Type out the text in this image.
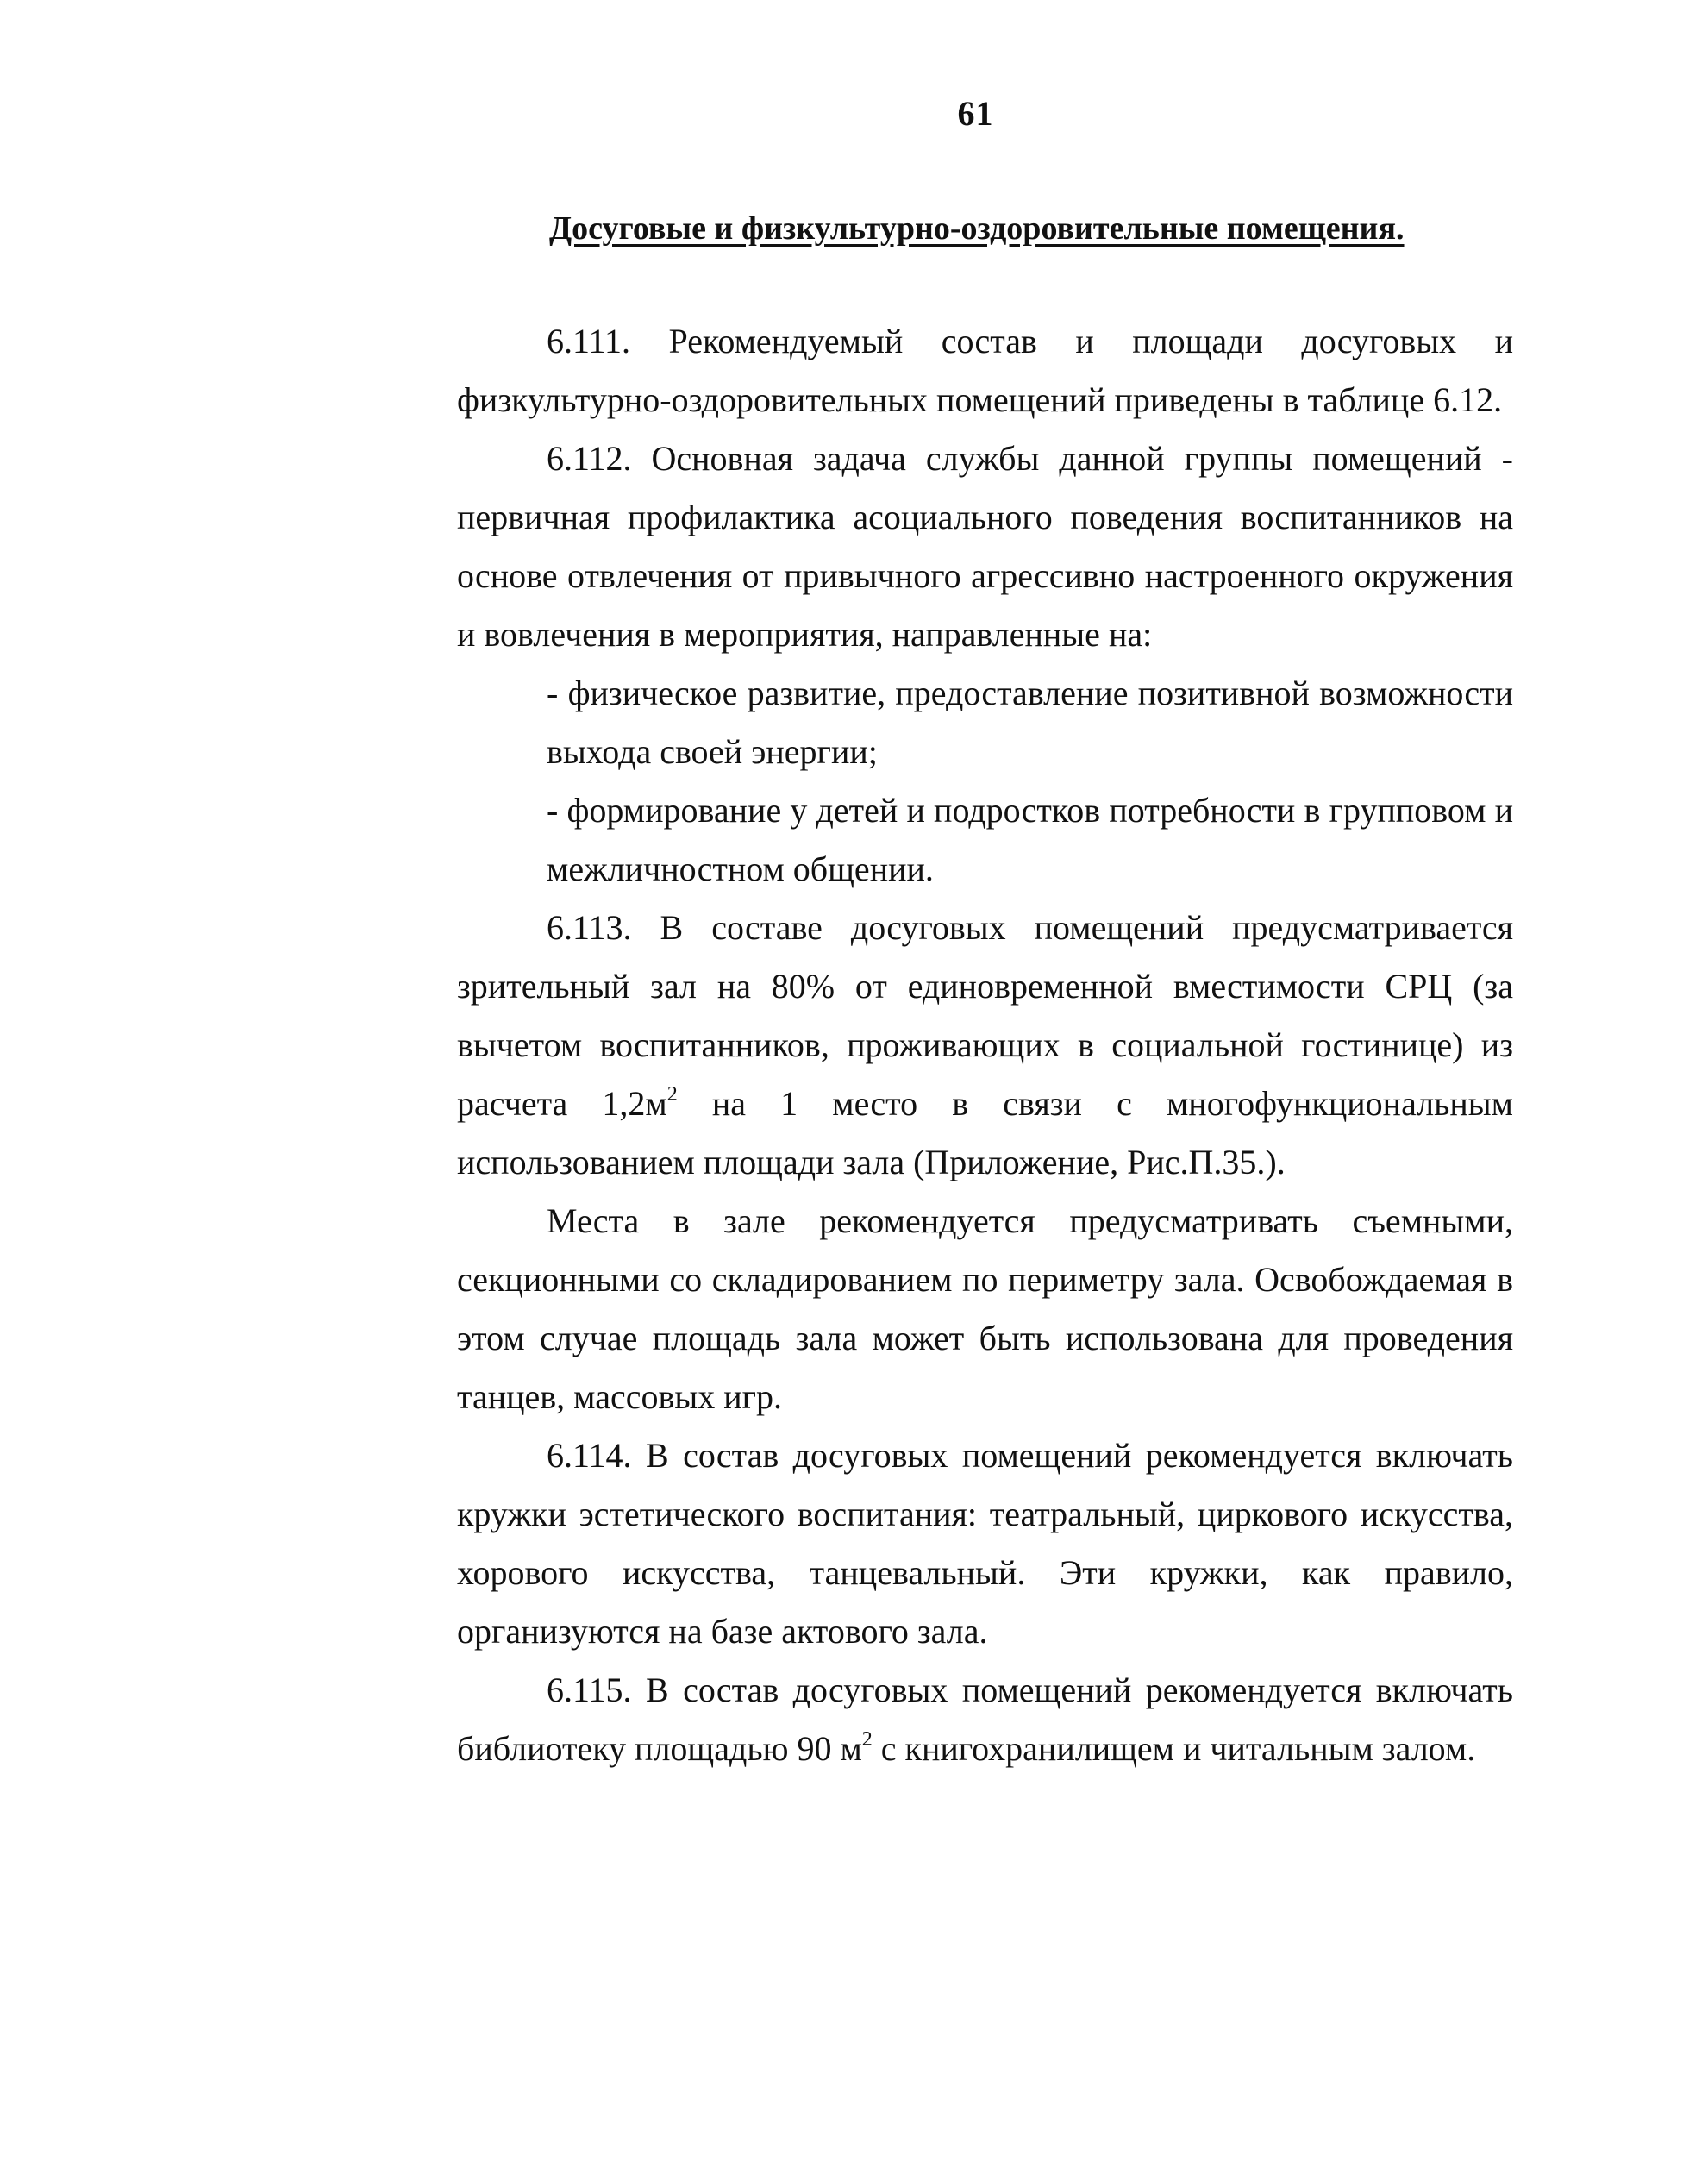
61
Досуговые и физкультурно-оздоровительные помещения.

6.111. Рекомендуемый состав и площади досуговых и физкультурно-оздоровительных помещений приведены в таблице 6.12.

6.112. Основная задача службы данной группы помещений - первичная профилактика асоциального поведения воспитанников на основе отвлечения от привычного агрессивно настроенного окружения и вовлечения в мероприятия, направленные на:

- физическое развитие, предоставление позитивной возможности выхода своей энергии;

- формирование у детей и подростков потребности в групповом и межличностном общении.

6.113. В составе досуговых помещений предусматривается зрительный зал на 80% от единовременной вместимости СРЦ (за вычетом воспитанников, проживающих в социальной гостинице) из расчета $1,2м^2$ на 1 место в связи с многофункциональным использованием площади зала (Приложение, Рис.П.35.).

Места в зале рекомендуется предусматривать съемными, секционными со складированием по периметру зала. Освобождаемая в этом случае площадь зала может быть использована для проведения танцев, массовых игр.

6.114. В состав досуговых помещений рекомендуется включать кружки эстетического воспитания: театральный, циркового искусства, хорового искусства, танцевальный. Эти кружки, как правило, организуются на базе актового зала.

6.115. В состав досуговых помещений рекомендуется включать библиотеку площадью 90 $м^2$ с книгохранилищем и читальным залом.
